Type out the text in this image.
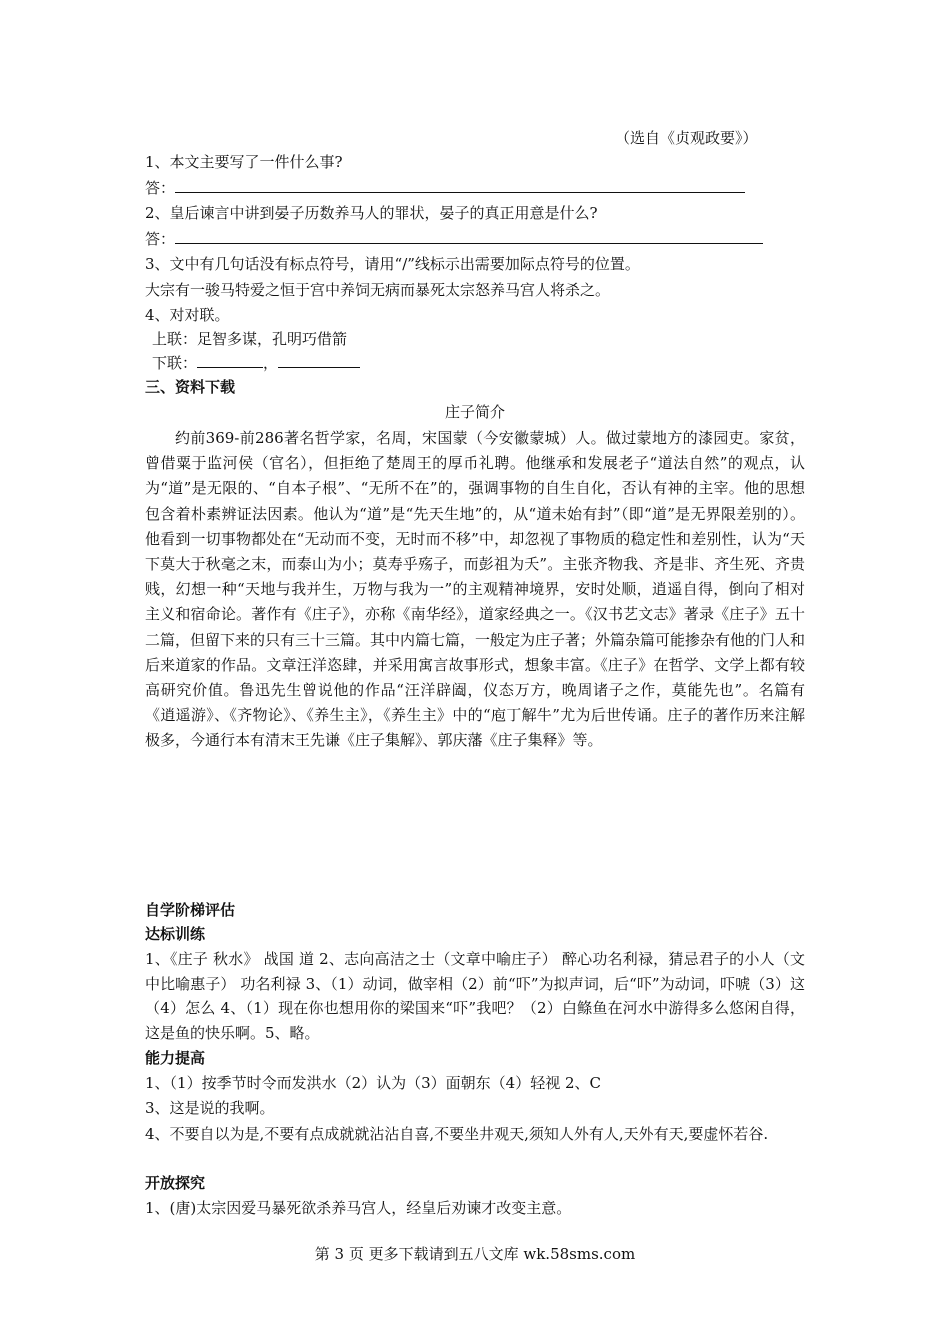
（选自《贞观政要》）
1、本文主要写了一件什么事?
答：
2、皇后谏言中讲到晏子历数养马人的罪状，晏子的真正用意是什么?
答：
3、文中有几句话没有标点符号，请用“/”线标示出需要加际点符号的位置。
大宗有一骏马特爱之恒于宫中养饲无病而暴死太宗怒养马宫人将杀之。
4、对对联。
上联：足智多谋，孔明巧借箭
下联：	，
三、资料下载
庄子简介

约前369-前286著名哲学家，名周，宋国蒙（今安徽蒙城）人。做过蒙地方的漆园吏。家贫，曾借粟于监河侯（官名），但拒绝了楚周王的厚币礼聘。他继承和发展老子“道法自然”的观点，认为“道”是无限的、“自本子根”、“无所不在”的，强调事物的自生自化，否认有神的主宰。他的思想包含着朴素辨证法因素。他认为“道”是“先天生地”的，从“道未始有封”（即“道”是无界限差别的）。他看到一切事物都处在“无动而不变，无时而不移”中，却忽视了事物质的稳定性和差别性，认为“天下莫大于秋毫之末，而泰山为小；莫寿乎殇子，而彭祖为夭”。主张齐物我、齐是非、齐生死、齐贵贱，幻想一种“天地与我并生，万物与我为一”的主观精神境界，安时处顺，逍遥自得，倒向了相对主义和宿命论。著作有《庄子》，亦称《南华经》，道家经典之一。《汉书艺文志》著录《庄子》五十二篇，但留下来的只有三十三篇。其中内篇七篇，一般定为庄子著；外篇杂篇可能掺杂有他的门人和后来道家的作品。文章汪洋恣肆，并采用寓言故事形式，想象丰富。《庄子》在哲学、文学上都有较高研究价值。鲁迅先生曾说他的作品“汪洋辟阖，仪态万方，晚周诸子之作，莫能先也”。名篇有《逍遥游》、《齐物论》、《养生主》，《养生主》中的“庖丁解牛”尤为后世传诵。庄子的著作历来注解极多，今通行本有清末王先谦《庄子集解》、郭庆藩《庄子集释》等。

自学阶梯评估
达标训练
1、《庄子 秋水》 战国 道 2、志向高洁之士（文章中喻庄子） 醉心功名利禄，猜忌君子的小人（文中比喻惠子） 功名利禄 3、（1）动词，做宰相（2）前“吓”为拟声词，后“吓”为动词，吓唬（3）这（4）怎么 4、（1）现在你也想用你的梁国来“吓”我吧？（2）白鲦鱼在河水中游得多么悠闲自得，这是鱼的快乐啊。5、略。
能力提高
1、（1）按季节时令而发洪水（2）认为（3）面朝东（4）轻视 2、C
3、这是说的我啊。
4、不要自以为是,不要有点成就就沾沾自喜,不要坐井观天,须知人外有人,天外有天,要虚怀若谷.
开放探究
1、(唐)太宗因爱马暴死欲杀养马宫人，经皇后劝谏才改变主意。
第 3 页 更多下载请到五八文库 wk.58sms.com
